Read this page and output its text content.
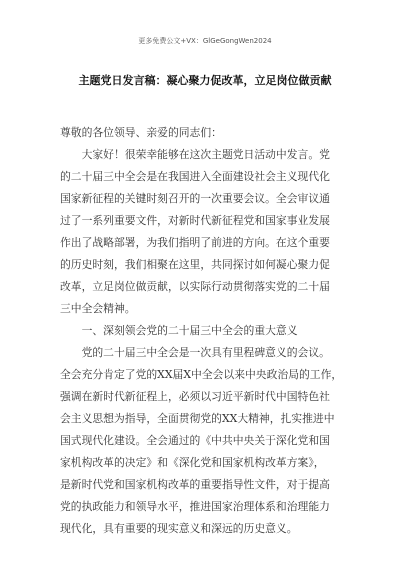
更多免费公文+VX：GlGeGongWen2024
主题党日发言稿：凝心聚力促改革，立足岗位做贡献
尊敬的各位领导、亲爱的同志们：
　　大家好！很荣幸能够在这次主题党日活动中发言。党
的二十届三中全会是在我国进入全面建设社会主义现代化
国家新征程的关键时刻召开的一次重要会议。全会审议通
过了一系列重要文件，对新时代新征程党和国家事业发展
作出了战略部署，为我们指明了前进的方向。在这个重要
的历史时刻，我们相聚在这里，共同探讨如何凝心聚力促
改革，立足岗位做贡献，以实际行动贯彻落实党的二十届
三中全会精神。
　　一、深刻领会党的二十届三中全会的重大意义
　　党的二十届三中全会是一次具有里程碑意义的会议。
全会充分肯定了党的XX届X中全会以来中央政治局的工作，
强调在新时代新征程上，必须以习近平新时代中国特色社
会主义思想为指导，全面贯彻党的XX大精神，扎实推进中
国式现代化建设。全会通过的《中共中央关于深化党和国
家机构改革的决定》和《深化党和国家机构改革方案》，
是新时代党和国家机构改革的重要指导性文件，对于提高
党的执政能力和领导水平，推进国家治理体系和治理能力
现代化，具有重要的现实意义和深远的历史意义。
